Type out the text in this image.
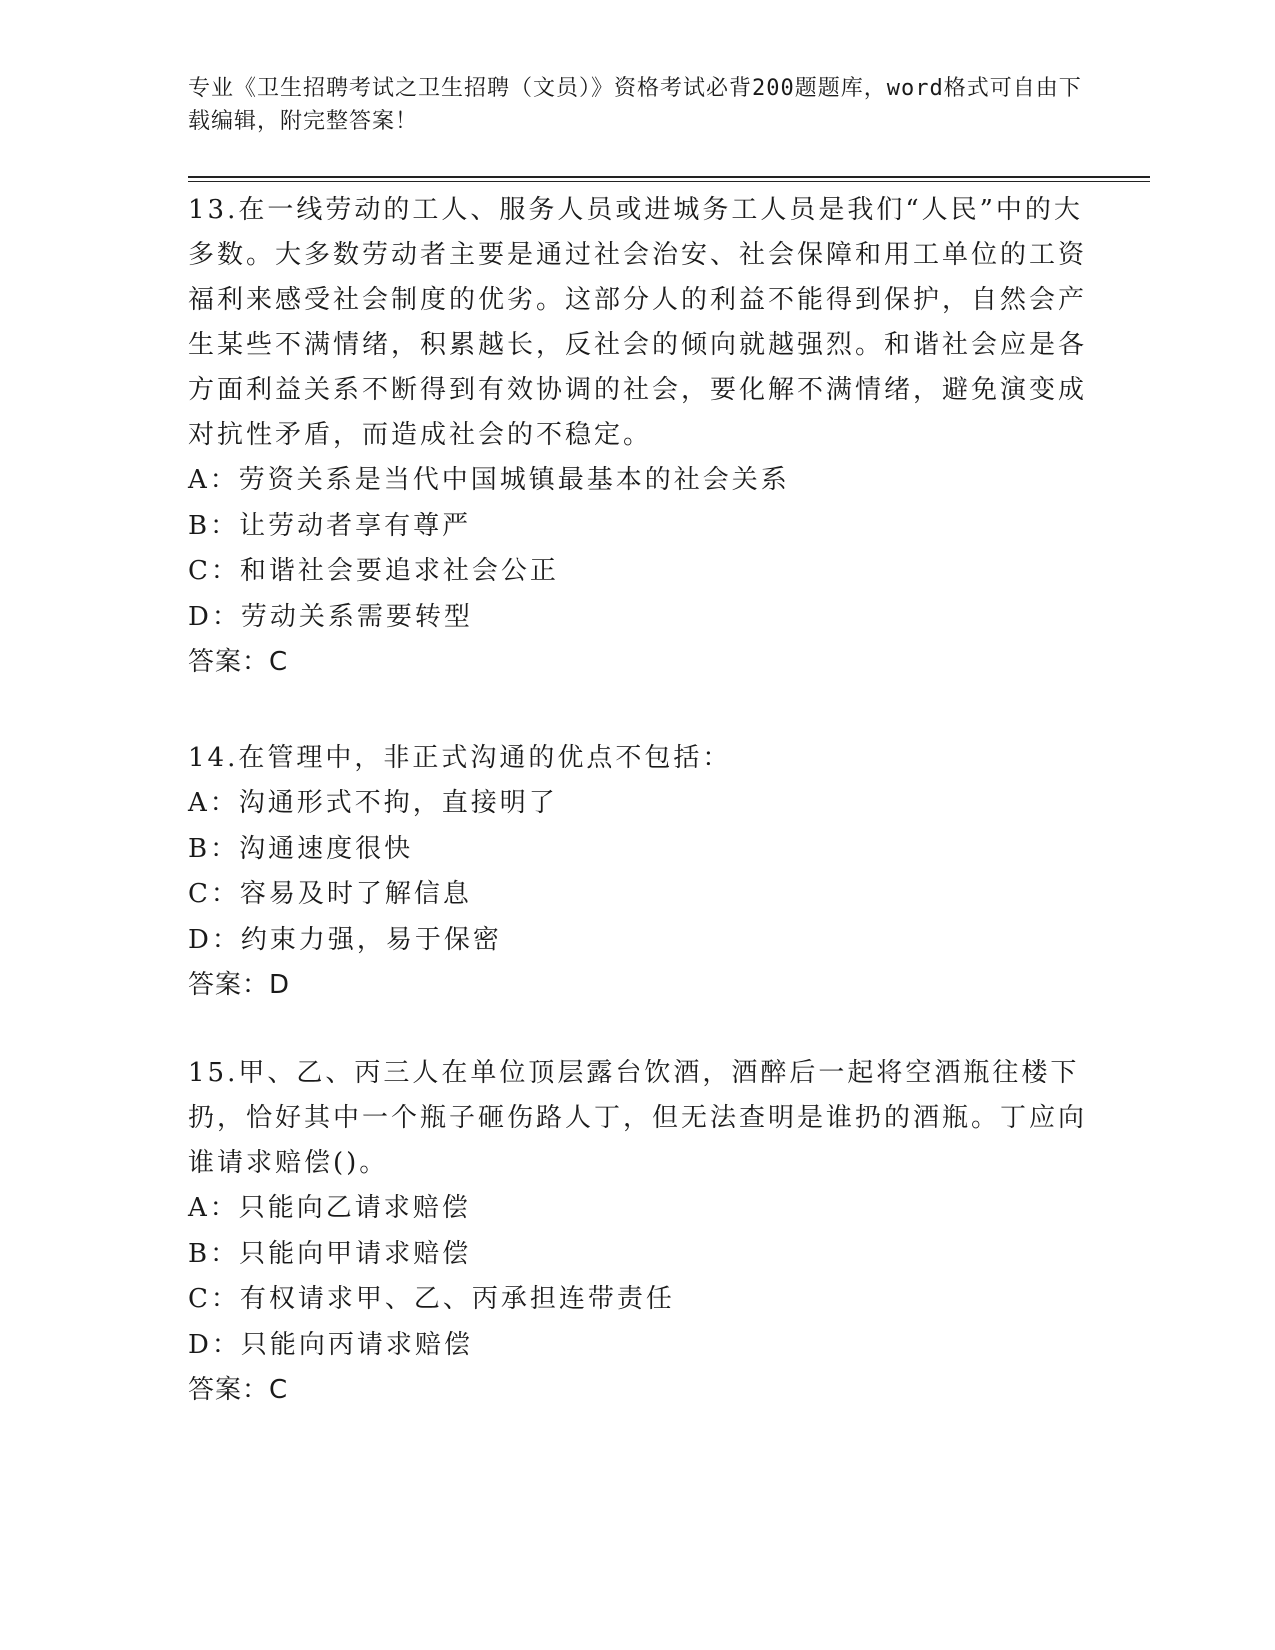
专业《卫生招聘考试之卫生招聘（文员）》资格考试必背200题题库，word格式可自由下载编辑，附完整答案！
13.在一线劳动的工人、服务人员或进城务工人员是我们“人民”中的大多数。大多数劳动者主要是通过社会治安、社会保障和用工单位的工资福利来感受社会制度的优劣。这部分人的利益不能得到保护，自然会产生某些不满情绪，积累越长，反社会的倾向就越强烈。和谐社会应是各方面利益关系不断得到有效协调的社会，要化解不满情绪，避免演变成对抗性矛盾，而造成社会的不稳定。
A：劳资关系是当代中国城镇最基本的社会关系
B：让劳动者享有尊严
C：和谐社会要追求社会公正
D：劳动关系需要转型
答案：C
14.在管理中，非正式沟通的优点不包括：
A：沟通形式不拘，直接明了
B：沟通速度很快
C：容易及时了解信息
D：约束力强，易于保密
答案：D
15.甲、乙、丙三人在单位顶层露台饮酒，酒醉后一起将空酒瓶往楼下扔，恰好其中一个瓶子砸伤路人丁，但无法查明是谁扔的酒瓶。丁应向谁请求赔偿()。
A：只能向乙请求赔偿
B：只能向甲请求赔偿
C：有权请求甲、乙、丙承担连带责任
D：只能向丙请求赔偿
答案：C
